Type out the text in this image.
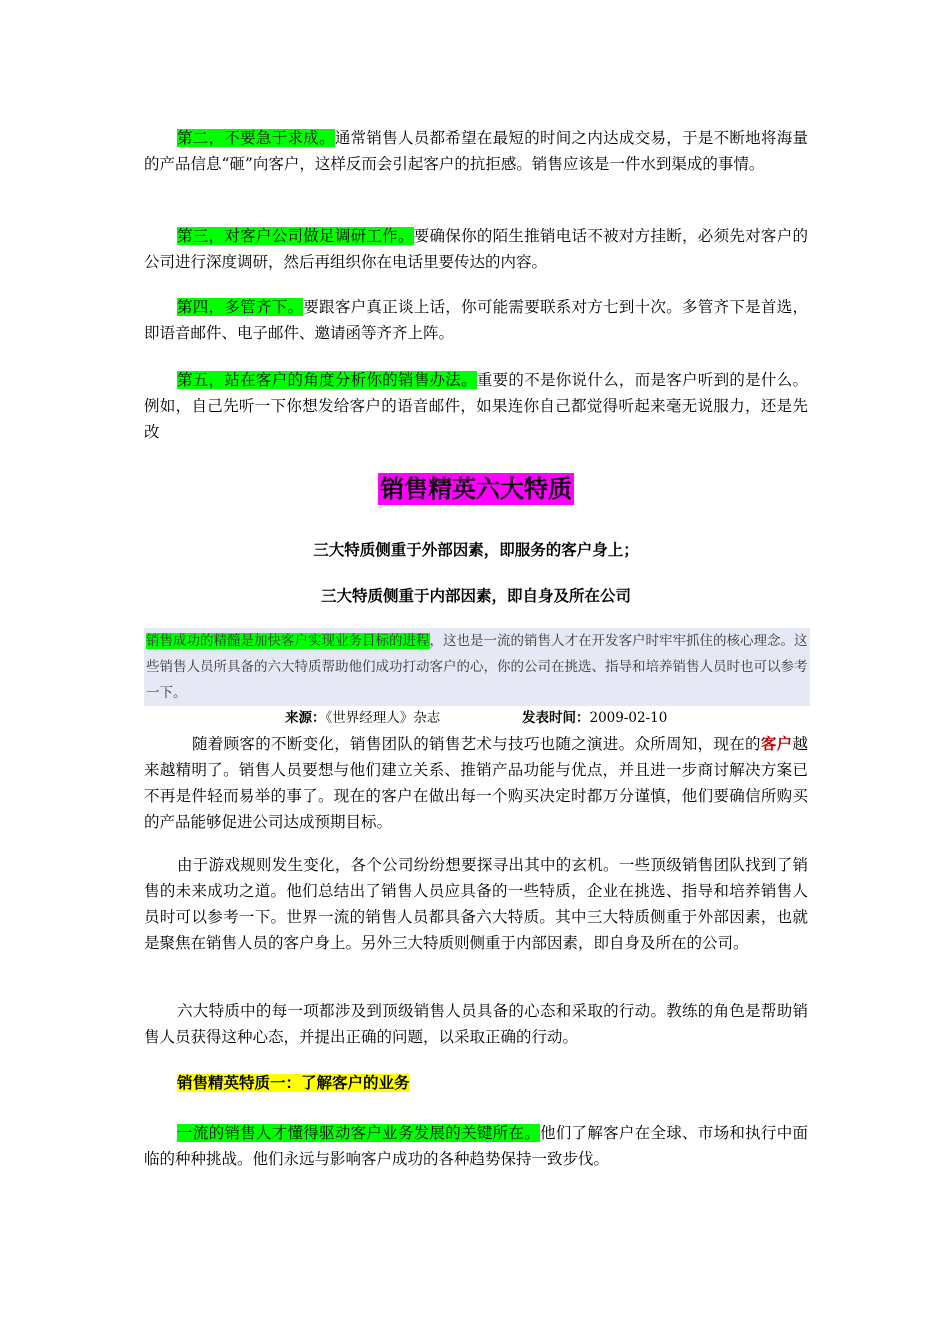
第二，不要急于求成。通常销售人员都希望在最短的时间之内达成交易，于是不断地将海量的产品信息“砸”向客户，这样反而会引起客户的抗拒感。销售应该是一件水到渠成的事情。

第三，对客户公司做足调研工作。要确保你的陌生推销电话不被对方挂断，必须先对客户的公司进行深度调研，然后再组织你在电话里要传达的内容。

第四，多管齐下。要跟客户真正谈上话，你可能需要联系对方七到十次。多管齐下是首选，即语音邮件、电子邮件、邀请函等齐齐上阵。

第五，站在客户的角度分析你的销售办法。重要的不是你说什么，而是客户听到的是什么。例如，自己先听一下你想发给客户的语音邮件，如果连你自己都觉得听起来毫无说服力，还是先改

销售精英六大特质
三大特质侧重于外部因素，即服务的客户身上；
三大特质侧重于内部因素，即自身及所在公司
销售成功的精髓是加快客户实现业务目标的进程，这也是一流的销售人才在开发客户时牢牢抓住的核心理念。这些销售人员所具备的六大特质帮助他们成功打动客户的心，你的公司在挑选、指导和培养销售人员时也可以参考一下。
来源：《世界经理人》杂志	发表时间：2009-02-10

随着顾客的不断变化，销售团队的销售艺术与技巧也随之演进。众所周知，现在的客户越来越精明了。销售人员要想与他们建立关系、推销产品功能与优点，并且进一步商讨解决方案已不再是件轻而易举的事了。现在的客户在做出每一个购买决定时都万分谨慎，他们要确信所购买的产品能够促进公司达成预期目标。

由于游戏规则发生变化，各个公司纷纷想要探寻出其中的玄机。一些顶级销售团队找到了销售的未来成功之道。他们总结出了销售人员应具备的一些特质，企业在挑选、指导和培养销售人员时可以参考一下。世界一流的销售人员都具备六大特质。其中三大特质侧重于外部因素，也就是聚焦在销售人员的客户身上。另外三大特质则侧重于内部因素，即自身及所在的公司。

六大特质中的每一项都涉及到顶级销售人员具备的心态和采取的行动。教练的角色是帮助销售人员获得这种心态，并提出正确的问题，以采取正确的行动。

销售精英特质一：了解客户的业务

一流的销售人才懂得驱动客户业务发展的关键所在。他们了解客户在全球、市场和执行中面临的种种挑战。他们永远与影响客户成功的各种趋势保持一致步伐。
